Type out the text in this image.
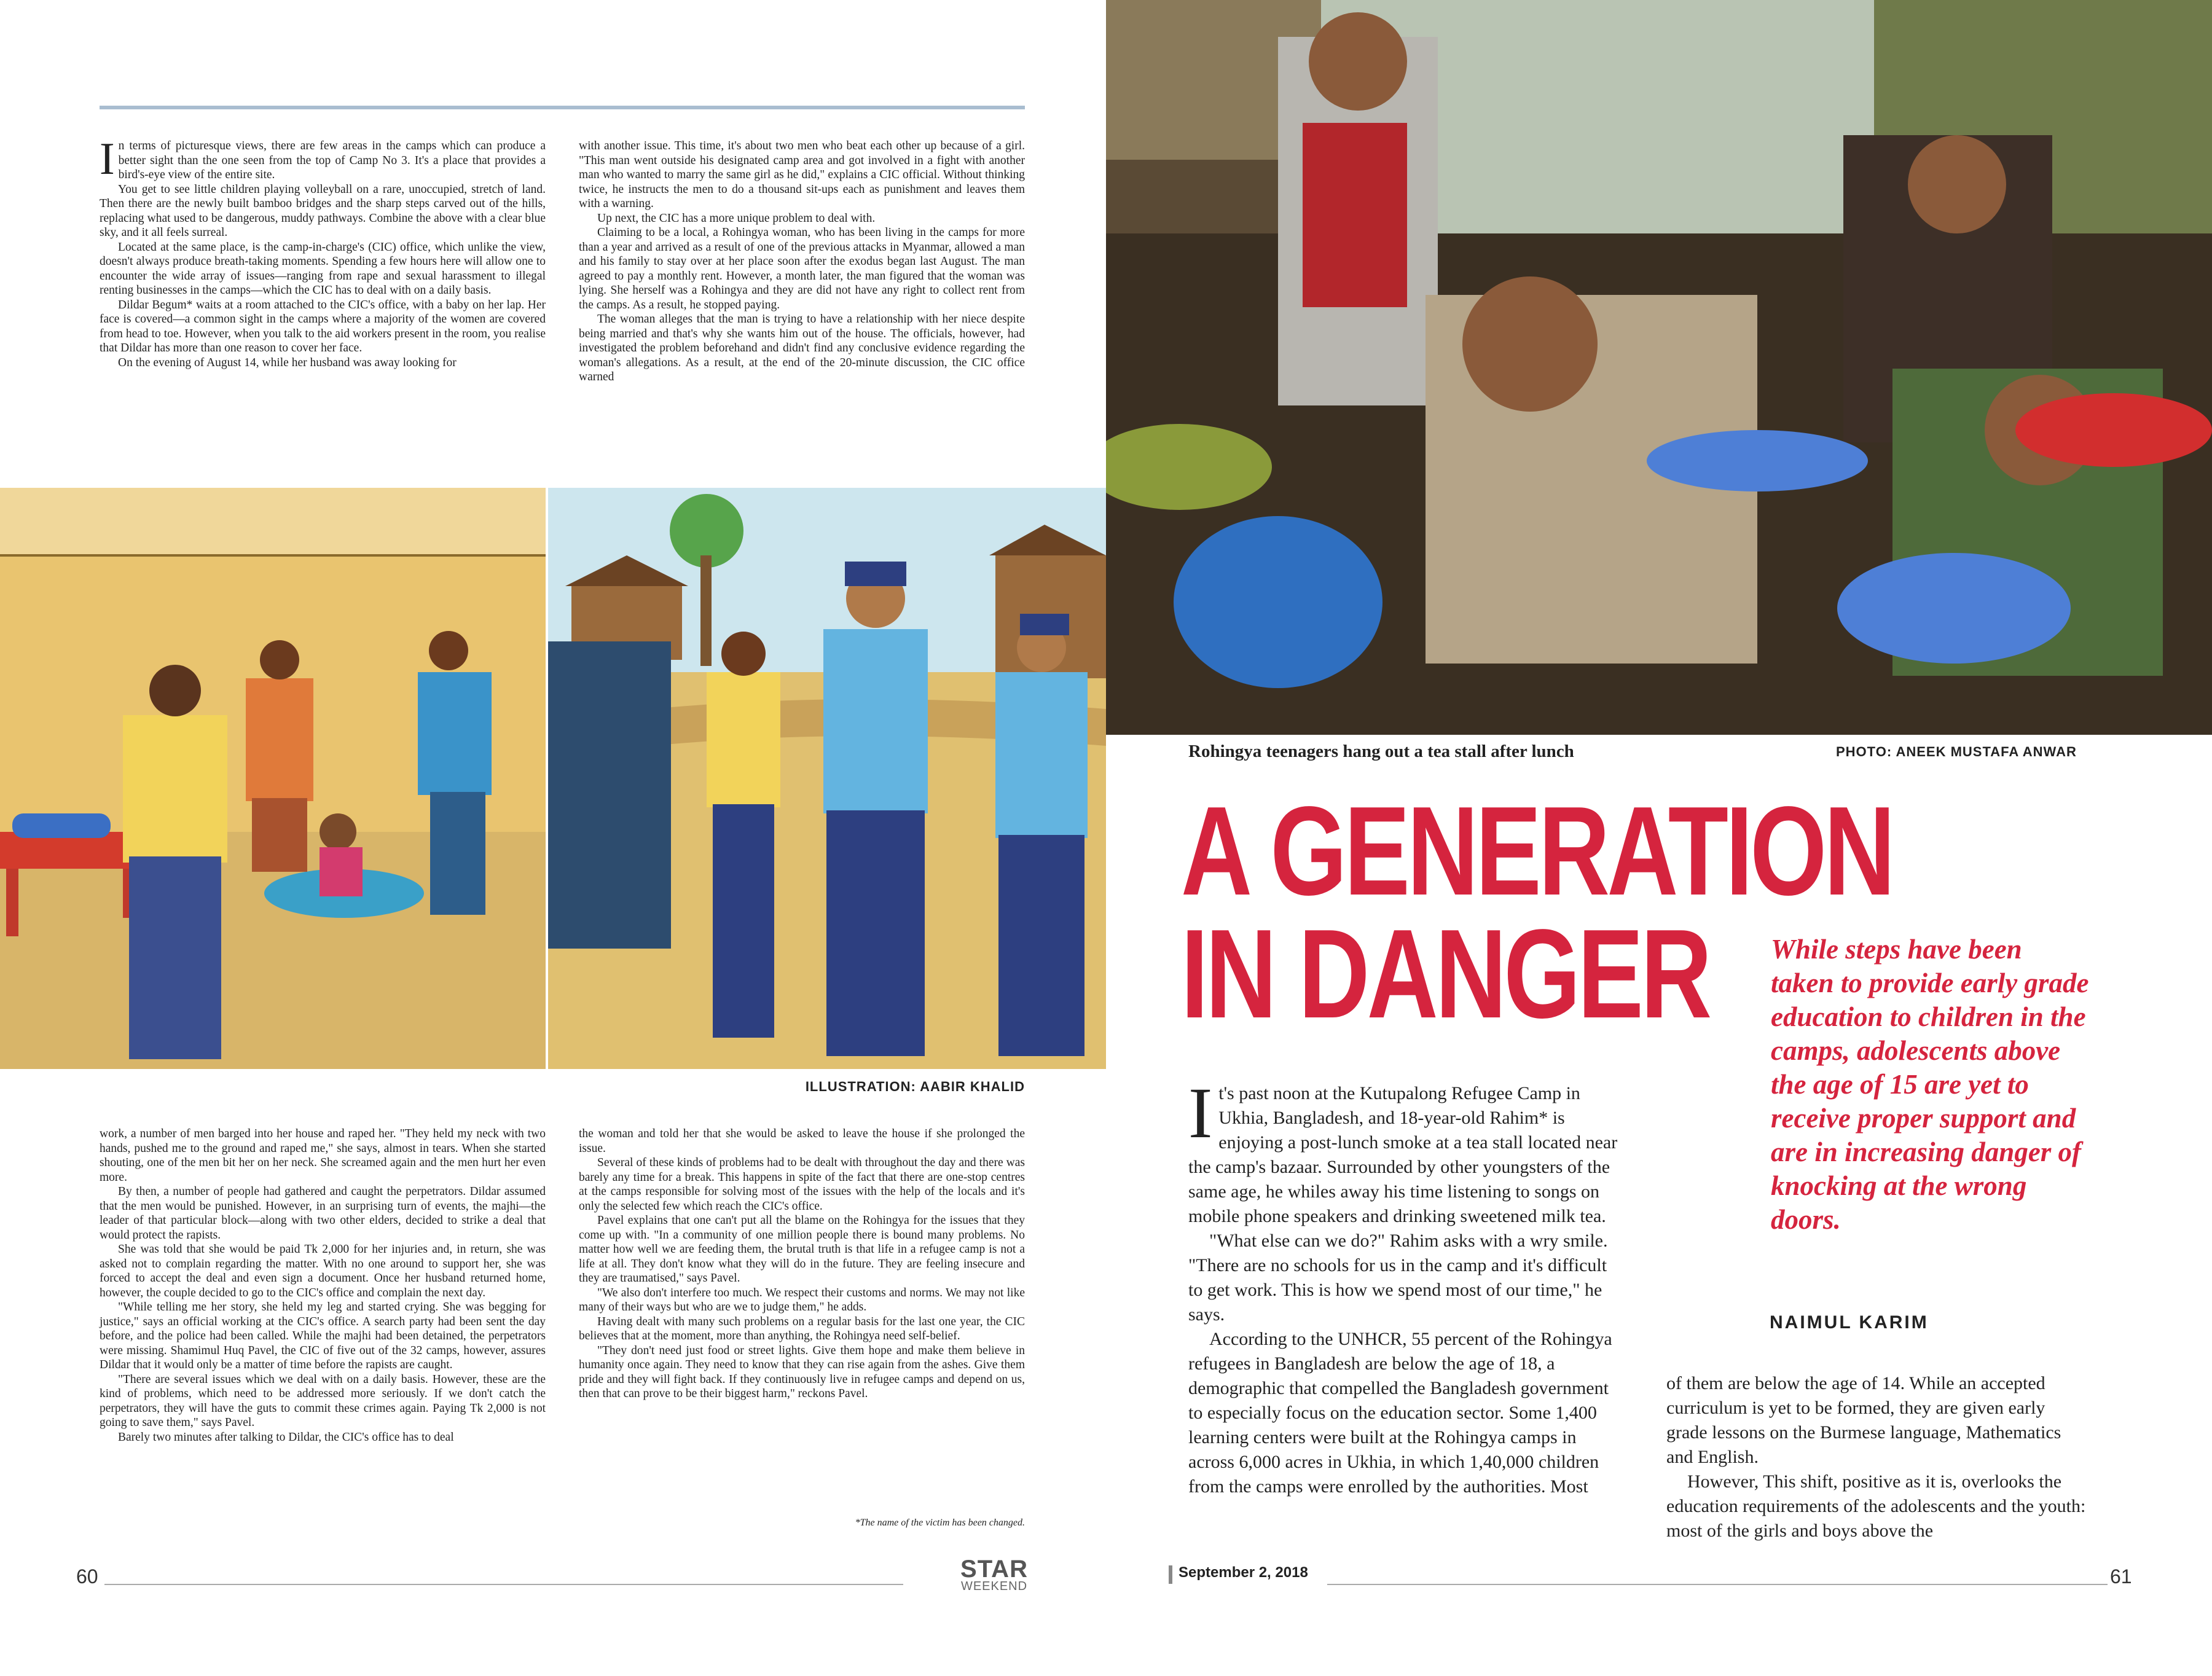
I n terms of picturesque views, there are few areas in the camps which can produce a better sight than the one seen from the top of Camp No 3. It's a place that provides a bird's-eye view of the entire site.

You get to see little children playing volleyball on a rare, unoccupied, stretch of land. Then there are the newly built bamboo bridges and the sharp steps carved out of the hills, replacing what used to be dangerous, muddy pathways. Combine the above with a clear blue sky, and it all feels surreal.

Located at the same place, is the camp-in-charge's (CIC) office, which unlike the view, doesn't always produce breath-taking moments. Spending a few hours here will allow one to encounter the wide array of issues—ranging from rape and sexual harassment to illegal renting businesses in the camps—which the CIC has to deal with on a daily basis.

Dildar Begum* waits at a room attached to the CIC's office, with a baby on her lap. Her face is covered—a common sight in the camps where a majority of the women are covered from head to toe. However, when you talk to the aid workers present in the room, you realise that Dildar has more than one reason to cover her face.

On the evening of August 14, while her husband was away looking for

with another issue. This time, it's about two men who beat each other up because of a girl. "This man went outside his designated camp area and got involved in a fight with another man who wanted to marry the same girl as he did," explains a CIC official. Without thinking twice, he instructs the men to do a thousand sit-ups each as punishment and leaves them with a warning.

Up next, the CIC has a more unique problem to deal with.

Claiming to be a local, a Rohingya woman, who has been living in the camps for more than a year and arrived as a result of one of the previous attacks in Myanmar, allowed a man and his family to stay over at her place soon after the exodus began last August. The man agreed to pay a monthly rent. However, a month later, the man figured that the woman was lying. She herself was a Rohingya and they are did not have any right to collect rent from the camps. As a result, he stopped paying.

The woman alleges that the man is trying to have a relationship with her niece despite being married and that's why she wants him out of the house. The officials, however, had investigated the problem beforehand and didn't find any conclusive evidence regarding the woman's allegations. As a result, at the end of the 20-minute discussion, the CIC office warned

ILLUSTRATION: AABIR KHALID

work, a number of men barged into her house and raped her. "They held my neck with two hands, pushed me to the ground and raped me," she says, almost in tears. When she started shouting, one of the men bit her on her neck. She screamed again and the men hurt her even more.

By then, a number of people had gathered and caught the perpetrators. Dildar assumed that the men would be punished. However, in an surprising turn of events, the majhi—the leader of that particular block—along with two other elders, decided to strike a deal that would protect the rapists.

She was told that she would be paid Tk 2,000 for her injuries and, in return, she was asked not to complain regarding the matter. With no one around to support her, she was forced to accept the deal and even sign a document. Once her husband returned home, however, the couple decided to go to the CIC's office and complain the next day.

"While telling me her story, she held my leg and started crying. She was begging for justice," says an official working at the CIC's office. A search party had been sent the day before, and the police had been called. While the majhi had been detained, the perpetrators were missing. Shamimul Huq Pavel, the CIC of five out of the 32 camps, however, assures Dildar that it would only be a matter of time before the rapists are caught.

"There are several issues which we deal with on a daily basis. However, these are the kind of problems, which need to be addressed more seriously. If we don't catch the perpetrators, they will have the guts to commit these crimes again. Paying Tk 2,000 is not going to save them," says Pavel.

Barely two minutes after talking to Dildar, the CIC's office has to deal

the woman and told her that she would be asked to leave the house if she prolonged the issue.

Several of these kinds of problems had to be dealt with throughout the day and there was barely any time for a break. This happens in spite of the fact that there are one-stop centres at the camps responsible for solving most of the issues with the help of the locals and it's only the selected few which reach the CIC's office.

Pavel explains that one can't put all the blame on the Rohingya for the issues that they come up with. "In a community of one million people there is bound many problems. No matter how well we are feeding them, the brutal truth is that life in a refugee camp is not a life at all. They don't know what they will do in the future. They are feeling insecure and they are traumatised," says Pavel.

"We also don't interfere too much. We respect their customs and norms. We may not like many of their ways but who are we to judge them," he adds.

Having dealt with many such problems on a regular basis for the last one year, the CIC believes that at the moment, more than anything, the Rohingya need self-belief.

"They don't need just food or street lights. Give them hope and make them believe in humanity once again. They need to know that they can rise again from the ashes. Give them pride and they will fight back. If they continuously live in refugee camps and depend on us, then that can prove to be their biggest harm," reckons Pavel.

*The name of the victim has been changed.
60	STAR
WEEKEND
Rohingya teenagers hang out a tea stall after lunch	PHOTO: ANEEK MUSTAFA ANWAR
A GENERATION
IN DANGER While steps have been taken to provide early grade education to children in the camps, adolescents above the age of 15 are yet to receive proper support and are in increasing danger of knocking at the wrong doors.
NAIMUL KARIM
I t's past noon at the Kutupalong Refugee Camp in Ukhia, Bangladesh, and 18-year-old Rahim* is enjoying a post-lunch smoke at a tea stall located near the camp's bazaar. Surrounded by other youngsters of the same age, he whiles away his time listening to songs on mobile phone speakers and drinking sweetened milk tea.

"What else can we do?" Rahim asks with a wry smile. "There are no schools for us in the camp and it's difficult to get work. This is how we spend most of our time," he says.

According to the UNHCR, 55 percent of the Rohingya refugees in Bangladesh are below the age of 18, a demographic that compelled the Bangladesh government to especially focus on the education sector. Some 1,400 learning centers were built at the Rohingya camps in across 6,000 acres in Ukhia, in which 1,40,000 children from the camps were enrolled by the authorities. Most

of them are below the age of 14. While an accepted curriculum is yet to be formed, they are given early grade lessons on the Burmese language, Mathematics and English.

However, This shift, positive as it is, overlooks the education requirements of the adolescents and the youth: most of the girls and boys above the

September 2, 2018	61
